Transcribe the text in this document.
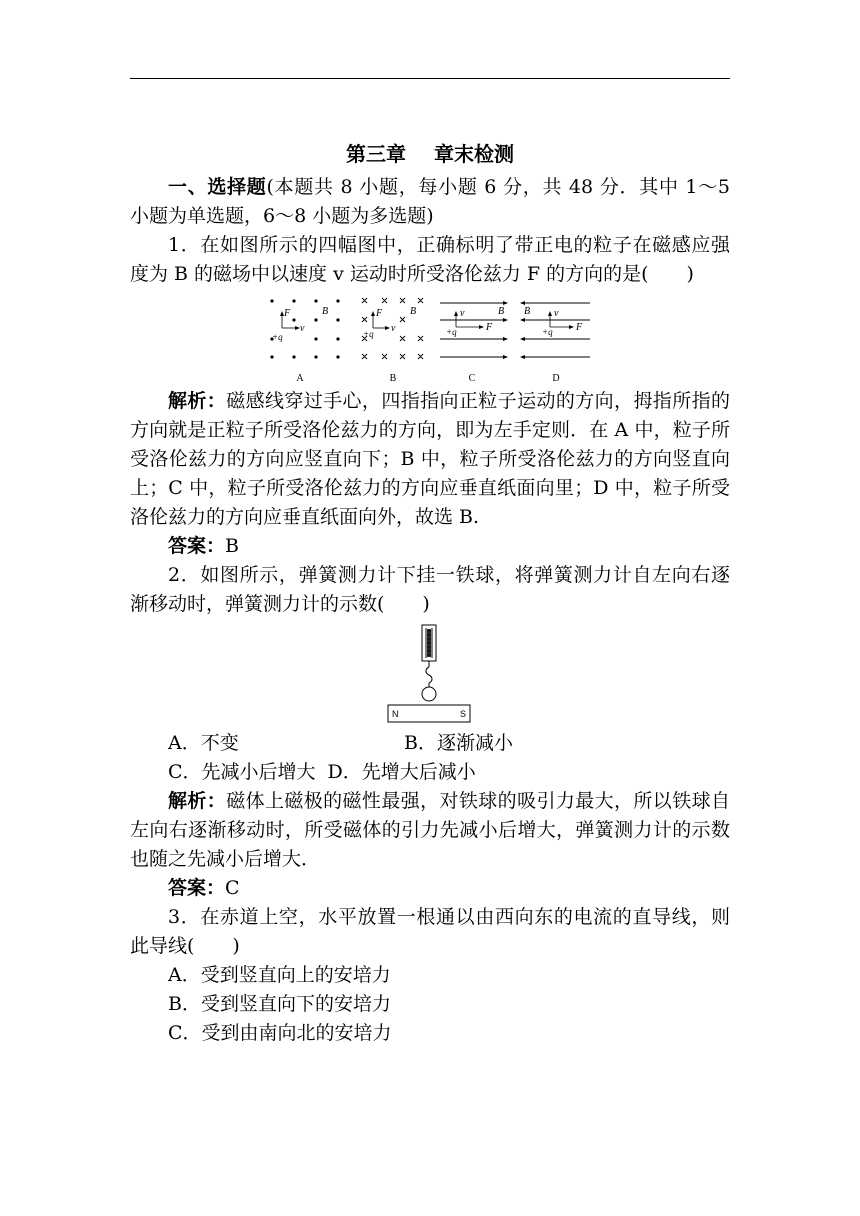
第三章 章末检测

一、选择题(本题共 8 小题，每小题 6 分，共 48 分．其中 1～5 小题为单选题，6～8 小题为多选题)

1．在如图所示的四幅图中，正确标明了带正电的粒子在磁感应强度为 B 的磁场中以速度 v 运动时所受洛伦兹力 F 的方向的是(　　)

F
v
+q
B
A
F
v
+q
B
B
v
F
+q
B
C
v
F
+q
B
D

解析：磁感线穿过手心，四指指向正粒子运动的方向，拇指所指的方向就是正粒子所受洛伦兹力的方向，即为左手定则．在 A 中，粒子所受洛伦兹力的方向应竖直向下；B 中，粒子所受洛伦兹力的方向竖直向上；C 中，粒子所受洛伦兹力的方向应垂直纸面向里；D 中，粒子所受洛伦兹力的方向应垂直纸面向外，故选 B.

答案：B

2．如图所示，弹簧测力计下挂一铁球，将弹簧测力计自左向右逐渐移动时，弹簧测力计的示数(　　)

N	S

A．不变	B．逐渐减小

C．先减小后增大 D．先增大后减小

解析：磁体上磁极的磁性最强，对铁球的吸引力最大，所以铁球自左向右逐渐移动时，所受磁体的引力先减小后增大，弹簧测力计的示数也随之先减小后增大．

答案：C

3．在赤道上空，水平放置一根通以由西向东的电流的直导线，则此导线(　　)

A．受到竖直向上的安培力

B．受到竖直向下的安培力

C．受到由南向北的安培力
